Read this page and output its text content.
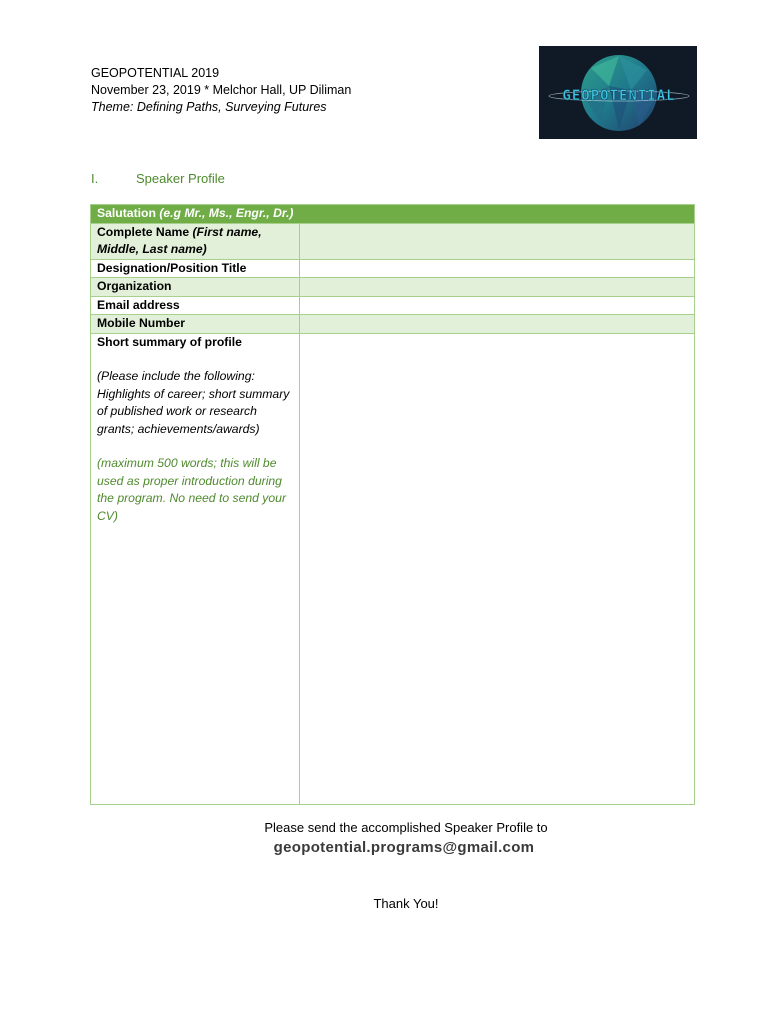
GEOPOTENTIAL 2019
November 23, 2019 * Melchor Hall, UP Diliman
Theme: Defining Paths, Surveying Futures
GEOPOTENTIAL
I.	Speaker Profile
Salutation (e.g Mr., Ms., Engr., Dr.)	
Complete Name (First name, Middle, Last name)	
Designation/Position Title	
Organization	
Email address	
Mobile Number	

Short summary of profile
(Please include the following: Highlights of career; short summary of published work or research grants; achievements/awards)
(maximum 500 words; this will be used as proper introduction during the program. No need to send your CV)	

Please send the accomplished Speaker Profile to
geopotential.programs@gmail.com
Thank You!
